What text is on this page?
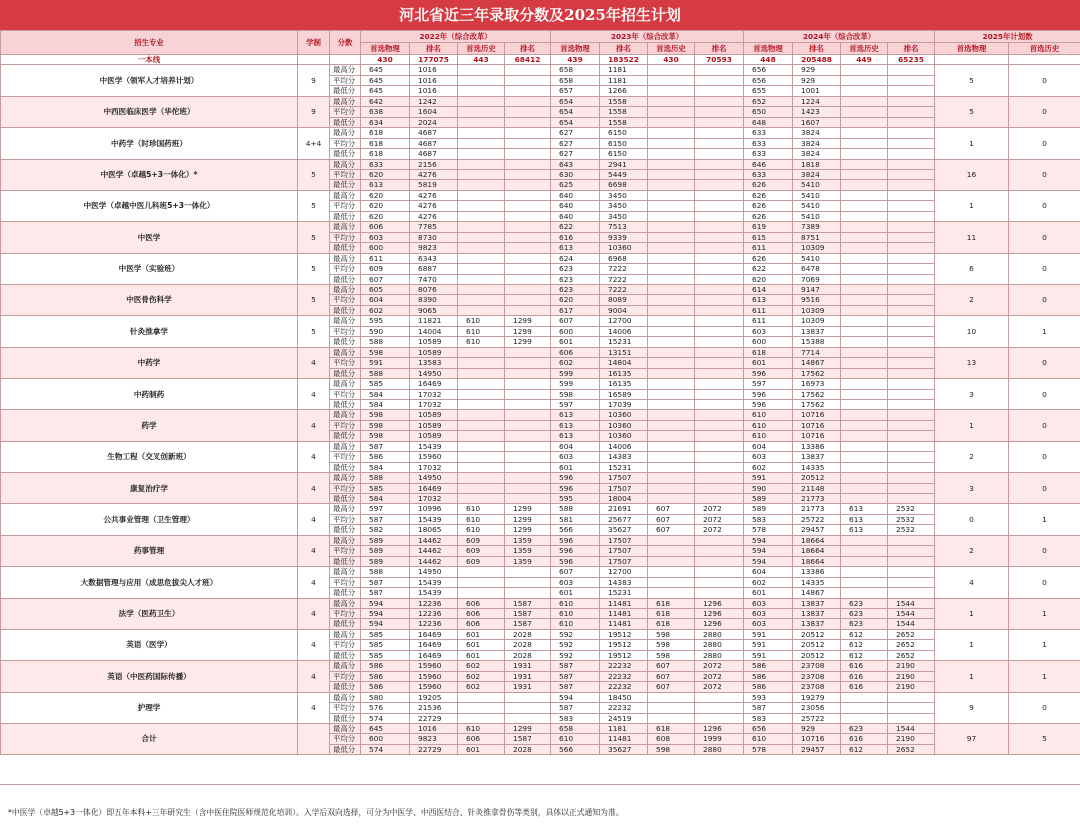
河北省近三年录取分数及2025年招生计划
招生专业	学制	分数	2022年（综合改革）				2023年（综合改革）				2024年（综合改革）				2025年计划数	
			首选物理	排名	首选历史	排名	首选物理	排名	首选历史	排名	首选物理	排名	首选历史	排名	首选物理	首选历史
一本线			430	177075	443	68412	439	183522	430	70593	448	205488	449	65235		
中医学（领军人才培养计划）	9	最高分	645	1016			658	1181			656	929			5	0
		平均分	645	1016			658	1181			656	929				
		最低分	645	1016			657	1266			655	1001				
中西医临床医学（华佗班）	9	最高分	642	1242			654	1558			652	1224			5	0
		平均分	638	1604			654	1558			650	1423				
		最低分	634	2024			654	1558			648	1607				
中药学（时珍国药班）	4+4	最高分	618	4687			627	6150			633	3824			1	0
		平均分	618	4687			627	6150			633	3824				
		最低分	618	4687			627	6150			633	3824				
中医学（卓越5+3一体化）*	5	最高分	633	2156			643	2941			646	1818			16	0
		平均分	620	4276			630	5449			633	3824				
		最低分	613	5819			625	6698			626	5410				
中医学（卓越中医儿科班5+3一体化）	5	最高分	620	4276			640	3450			626	5410			1	0
		平均分	620	4276			640	3450			626	5410				
		最低分	620	4276			640	3450			626	5410				
中医学	5	最高分	606	7785			622	7513			619	7389			11	0
		平均分	603	8730			616	9339			615	8751				
		最低分	600	9823			613	10360			611	10309				
中医学（实验班）	5	最高分	611	6343			624	6968			626	5410			6	0
		平均分	609	6887			623	7222			622	6478				
		最低分	607	7470			623	7222			620	7069				
中医骨伤科学	5	最高分	605	8076			623	7222			614	9147			2	0
		平均分	604	8390			620	8089			613	9516				
		最低分	602	9065			617	9004			611	10309				
针灸推拿学	5	最高分	595	11821	610	1299	607	12700			611	10309			10	1
		平均分	590	14004	610	1299	600	14006			603	13837				
		最低分	588	10589	610	1299	601	15231			600	15388				
中药学	4	最高分	598	10589			606	13151			618	7714			13	0
		平均分	591	13583			602	14804			601	14867				
		最低分	588	14950			599	16135			596	17562				
中药制药	4	最高分	585	16469			599	16135			597	16973			3	0
		平均分	584	17032			598	16589			596	17562				
		最低分	584	17032			597	17039			596	17562				
药学	4	最高分	598	10589			613	10360			610	10716			1	0
		平均分	598	10589			613	10360			610	10716				
		最低分	598	10589			613	10360			610	10716				
生物工程（交叉创新班）	4	最高分	587	15439			604	14006			604	13386			2	0
		平均分	586	15960			603	14383			603	13837				
		最低分	584	17032			601	15231			602	14335				
康复治疗学	4	最高分	588	14950			596	17507			591	20512			3	0
		平均分	585	16469			596	17507			590	21148				
		最低分	584	17032			595	18004			589	21773				
公共事业管理（卫生管理）	4	最高分	597	10996	610	1299	588	21691	607	2072	589	21773	613	2532	0	1
		平均分	587	15439	610	1299	581	25677	607	2072	583	25722	613	2532		
		最低分	582	18065	610	1299	566	35627	607	2072	578	29457	613	2532		
药事管理	4	最高分	589	14462	609	1359	596	17507			594	18664			2	0
		平均分	589	14462	609	1359	596	17507			594	18664				
		最低分	589	14462	609	1359	596	17507			594	18664				
大数据管理与应用（成思危拔尖人才班）	4	最高分	588	14950			607	12700			604	13386			4	0
		平均分	587	15439			603	14383			602	14335				
		最低分	587	15439			601	15231			601	14867				
法学（医药卫生）	4	最高分	594	12236	606	1587	610	11481	618	1296	603	13837	623	1544	1	1
		平均分	594	12236	606	1587	610	11481	618	1296	603	13837	623	1544		
		最低分	594	12236	606	1587	610	11481	618	1296	603	13837	623	1544		
英语（医学）	4	最高分	585	16469	601	2028	592	19512	598	2880	591	20512	612	2652	1	1
		平均分	585	16469	601	2028	592	19512	598	2880	591	20512	612	2652		
		最低分	585	16469	601	2028	592	19512	598	2880	591	20512	612	2652		
英语（中医药国际传播）	4	最高分	586	15960	602	1931	587	22232	607	2072	586	23708	616	2190	1	1
		平均分	586	15960	602	1931	587	22232	607	2072	586	23708	616	2190		
		最低分	586	15960	602	1931	587	22232	607	2072	586	23708	616	2190		
护理学	4	最高分	580	19205			594	18450			593	19279			9	0
		平均分	576	21536			587	22232			587	23056				
		最低分	574	22729			583	24519			583	25722				
合计		最高分	645	1016	610	1299	658	1181	618	1296	656	929	623	1544	97	5
		平均分	600	9823	606	1587	610	11481	608	1999	610	10716	616	2190		
		最低分	574	22729	601	2028	566	35627	598	2880	578	29457	612	2652		
*中医学（卓越5+3一体化）即五年本科+三年研究生（含中医住院医师规范化培训）。入学后双向选择，可分为中医学、中西医结合、针灸推拿骨伤等类别，具体以正式通知为准。
